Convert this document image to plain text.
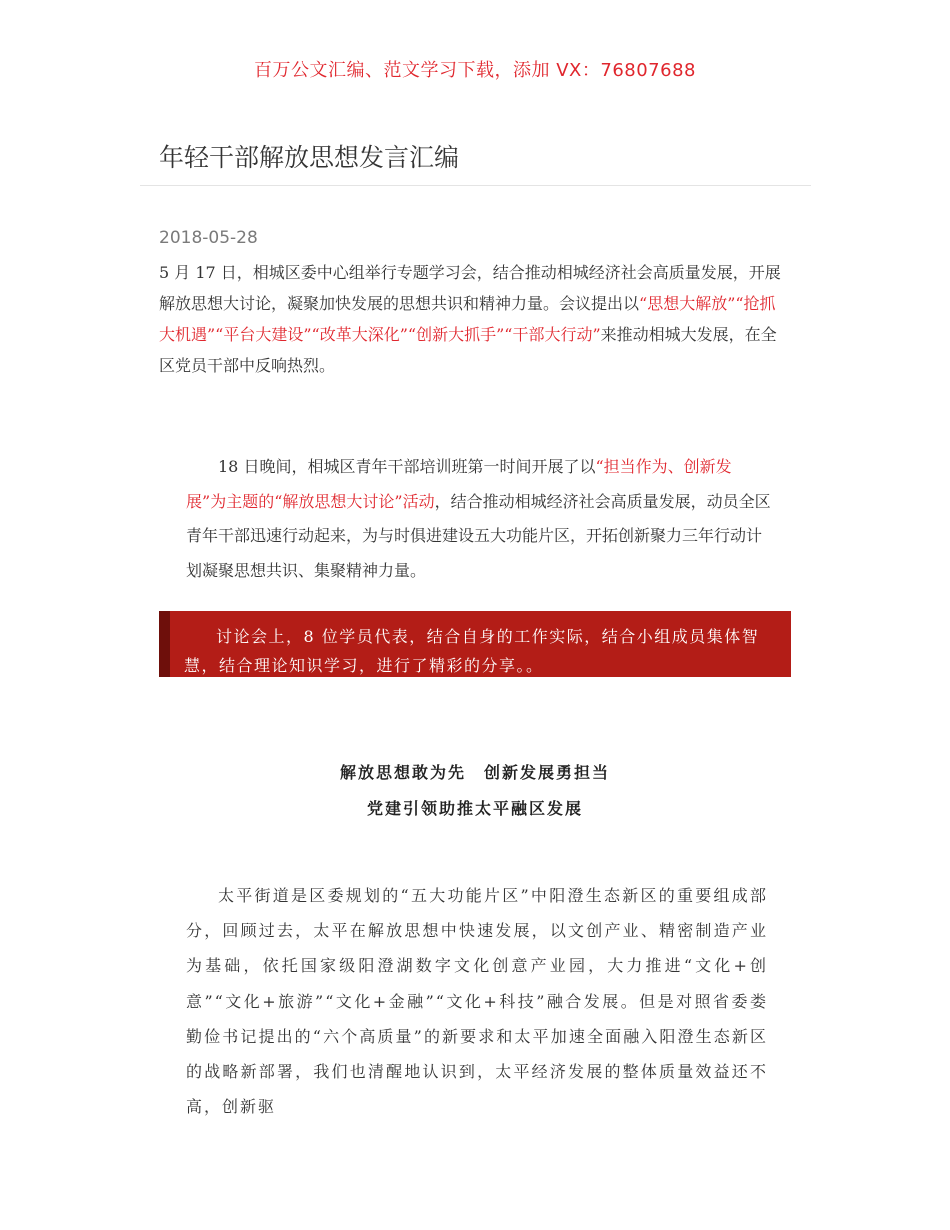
百万公文汇编、范文学习下载，添加 VX：76807688
年轻干部解放思想发言汇编
2018-05-28

5 月 17 日，相城区委中心组举行专题学习会，结合推动相城经济社会高质量发展，开展解放思想大讨论，凝聚加快发展的思想共识和精神力量。会议提出以“思想大解放”“抢抓大机遇”“平台大建设”“改革大深化”“创新大抓手”“干部大行动”来推动相城大发展，在全区党员干部中反响热烈。

18 日晚间，相城区青年干部培训班第一时间开展了以“担当作为、创新发展”为主题的“解放思想大讨论”活动，结合推动相城经济社会高质量发展，动员全区青年干部迅速行动起来，为与时俱进建设五大功能片区，开拓创新聚力三年行动计划凝聚思想共识、集聚精神力量。

讨论会上，8 位学员代表，结合自身的工作实际，结合小组成员集体智慧，结合理论知识学习，进行了精彩的分享。。

解放思想敢为先　创新发展勇担当
党建引领助推太平融区发展

太平街道是区委规划的“五大功能片区”中阳澄生态新区的重要组成部分，回顾过去，太平在解放思想中快速发展，以文创产业、精密制造产业为基础，依托国家级阳澄湖数字文化创意产业园，大力推进“文化+创意”“文化+旅游”“文化+金融”“文化+科技”融合发展。但是对照省委娄勤俭书记提出的“六个高质量”的新要求和太平加速全面融入阳澄生态新区的战略新部署，我们也清醒地认识到，太平经济发展的整体质量效益还不高，创新驱
